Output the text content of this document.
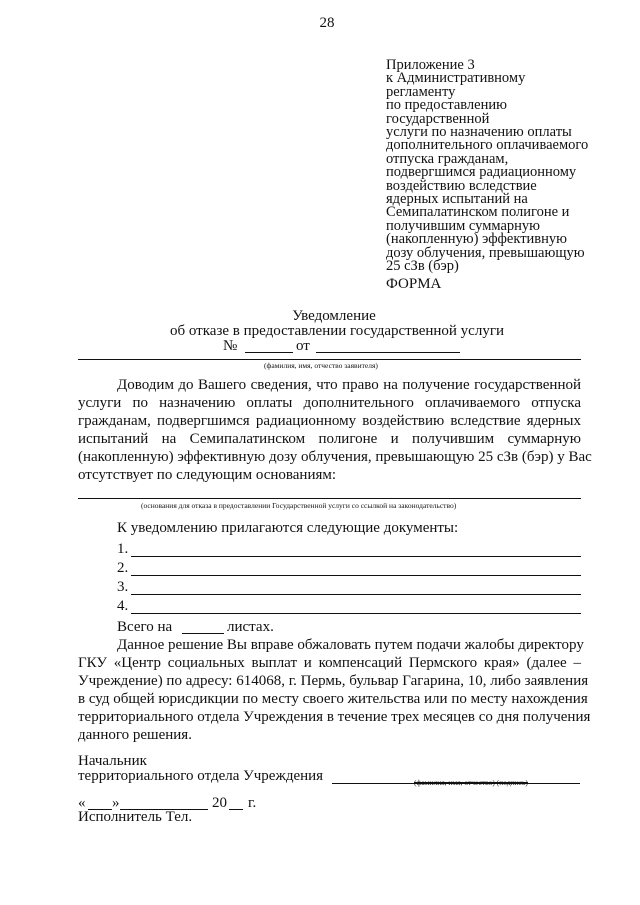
28
Приложение 3
к Административному
регламенту
по предоставлению
государственной
услуги по назначению оплаты
дополнительного оплачиваемого
отпуска гражданам,
подвергшимся радиационному
воздействию вследствие
ядерных испытаний на
Семипалатинском полигоне и
получившим суммарную
(накопленную) эффективную
дозу облучения, превышающую
25 сЗв (бэр)
ФОРМА
Уведомление
об отказе в предоставлении государственной услуги
№	от
(фамилия, имя, отчество заявителя)
Доводим до Вашего сведения, что право на получение государственной
услуги по назначению оплаты дополнительного оплачиваемого отпуска
гражданам, подвергшимся радиационному воздействию вследствие ядерных
испытаний на Семипалатинском полигоне и получившим суммарную
(накопленную) эффективную дозу облучения, превышающую 25 сЗв (бэр) у Вас
отсутствует по следующим основаниям:
(основания для отказа в предоставлении Государственной услуги со ссылкой на законодательство)
К уведомлению прилагаются следующие документы:
1.
2.
3.
4.
Всего на	листах.
Данное решение Вы вправе обжаловать путем подачи жалобы директору
ГКУ «Центр социальных выплат и компенсаций Пермского края» (далее –
Учреждение) по адресу: 614068, г. Пермь, бульвар Гагарина, 10, либо заявления
в суд общей юрисдикции по месту своего жительства или по месту нахождения
территориального отдела Учреждения в течение трех месяцев со дня получения
данного решения.
Начальник
территориального отдела Учреждения	(фамилия, имя, отчество) (подпись)
« »	20 г.
Исполнитель Тел.
